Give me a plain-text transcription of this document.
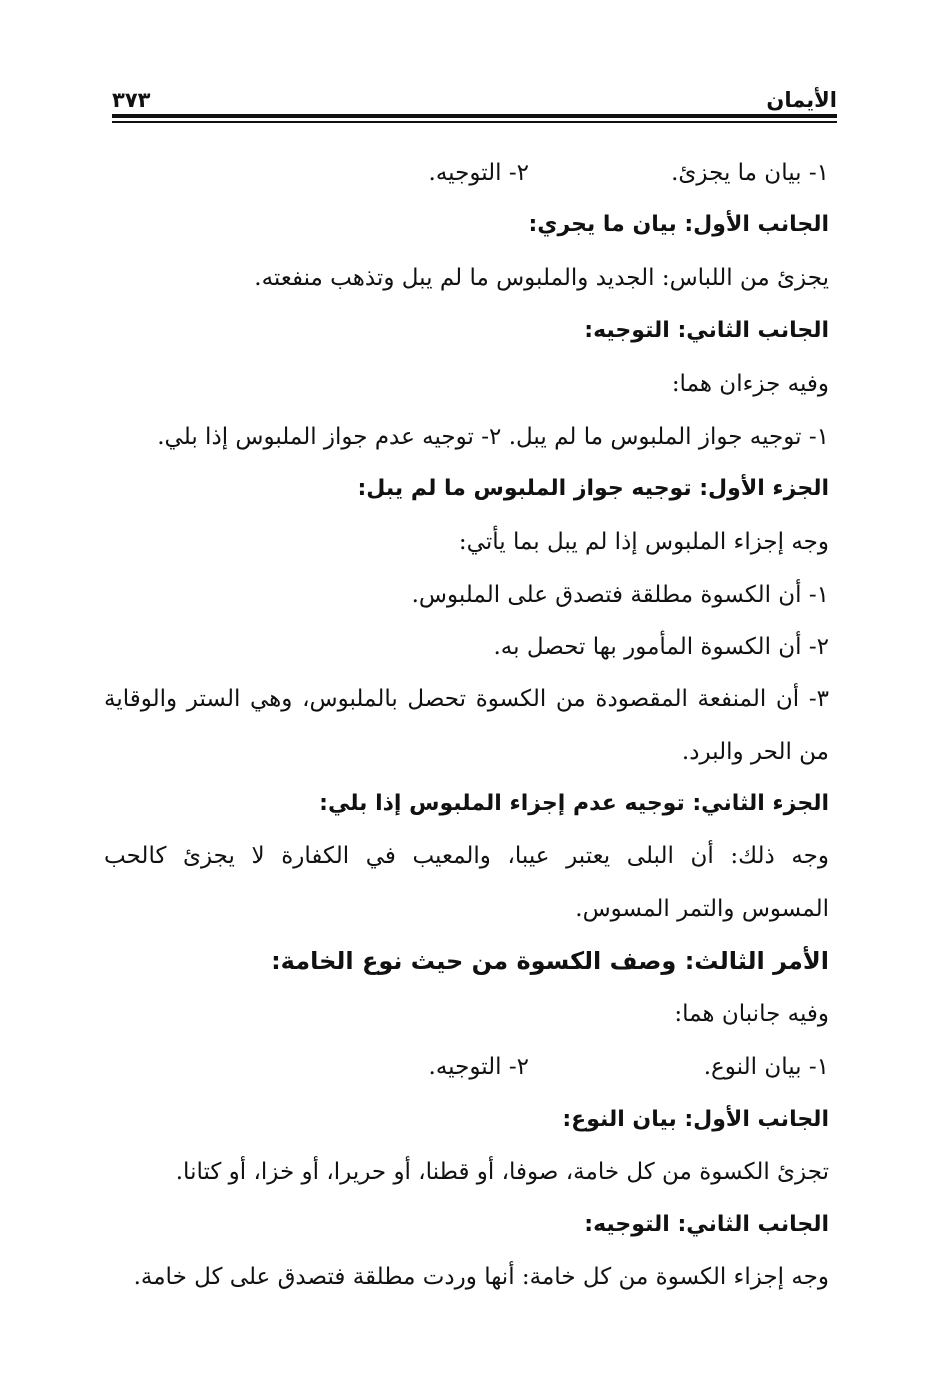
الأيمان
٣٧٣
١- بيان ما يجزئ.
٢- التوجيه.
الجانب الأول: بيان ما يجري:
يجزئ من اللباس: الجديد والملبوس ما لم يبل وتذهب منفعته.
الجانب الثاني: التوجيه:
وفيه جزءان هما:
١- توجيه جواز الملبوس ما لم يبل. ٢- توجيه عدم جواز الملبوس إذا بلي.
الجزء الأول: توجيه جواز الملبوس ما لم يبل:
وجه إجزاء الملبوس إذا لم يبل بما يأتي:
١- أن الكسوة مطلقة فتصدق على الملبوس.
٢- أن الكسوة المأمور بها تحصل به.
٣- أن المنفعة المقصودة من الكسوة تحصل بالملبوس، وهي الستر والوقاية
من الحر والبرد.
الجزء الثاني: توجيه عدم إجزاء الملبوس إذا بلي:
وجه ذلك: أن البلى يعتبر عيبا، والمعيب في الكفارة لا يجزئ كالحب
المسوس والتمر المسوس.
الأمر الثالث: وصف الكسوة من حيث نوع الخامة:
وفيه جانبان هما:
١- بيان النوع.
٢- التوجيه.
الجانب الأول: بيان النوع:
تجزئ الكسوة من كل خامة، صوفا، أو قطنا، أو حريرا، أو خزا، أو كتانا.
الجانب الثاني: التوجيه:
وجه إجزاء الكسوة من كل خامة: أنها وردت مطلقة فتصدق على كل خامة.
